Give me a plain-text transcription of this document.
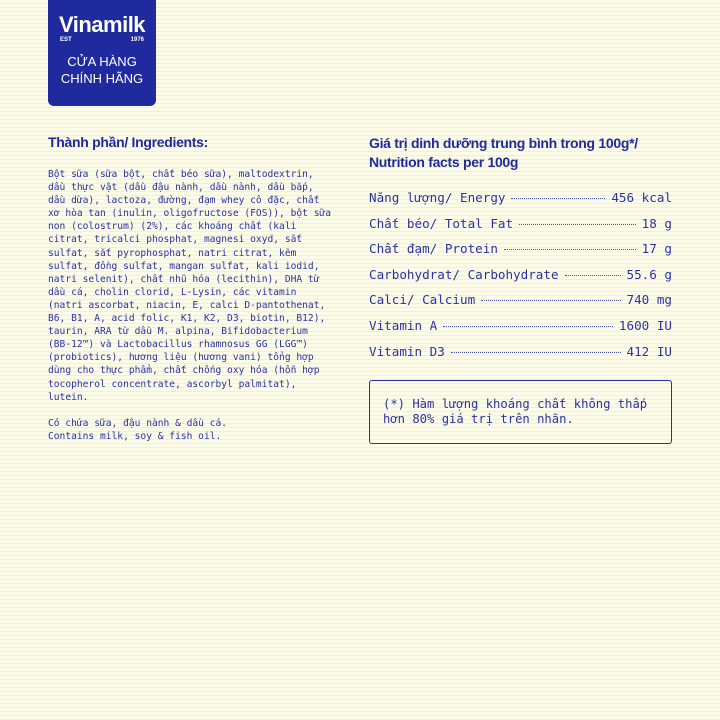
Vinamilk
EST	1976
CỬA HÀNG
CHÍNH HÃNG
Thành phần/ Ingredients:
Bột sữa (sữa bột, chất béo sữa), maltodextrin,
dầu thực vật (dầu đậu nành, dầu nành, dầu bắp,
dầu dừa), lactoza, đường, đạm whey cô đặc, chất
xơ hòa tan (inulin, oligofructose (FOS)), bột sữa
non (colostrum) (2%), các khoáng chất (kali
citrat, tricalci phosphat, magnesi oxyd, sắt
sulfat, sắt pyrophosphat, natri citrat, kẽm
sulfat, đồng sulfat, mangan sulfat, kali iodid,
natri selenit), chất nhũ hóa (lecithin), DHA từ
dầu cá, cholin clorid, L-Lysin, các vitamin
(natri ascorbat, niacin, E, calci D-pantothenat,
B6, B1, A, acid folic, K1, K2, D3, biotin, B12),
taurin, ARA từ dầu M. alpina, Bifidobacterium
(BB-12™) và Lactobacillus rhamnosus GG (LGG™)
(probiotics), hương liệu (hương vani) tổng hợp
dùng cho thực phẩm, chất chống oxy hóa (hỗn hợp
tocopherol concentrate, ascorbyl palmitat),
lutein.
Có chứa sữa, đậu nành & dầu cá.
Contains milk, soy & fish oil.
Giá trị dinh dưỡng trung bình trong 100g*/
Nutrition facts per 100g
Năng lượng/ Energy	456 kcal
Chất béo/ Total Fat	18 g
Chất đạm/ Protein	17 g
Carbohydrat/ Carbohydrate	55.6 g
Calci/ Calcium	740 mg
Vitamin A	1600 IU
Vitamin D3	412 IU
(*) Hàm lượng khoáng chất không thấp
hơn 80% giá trị trên nhãn.
